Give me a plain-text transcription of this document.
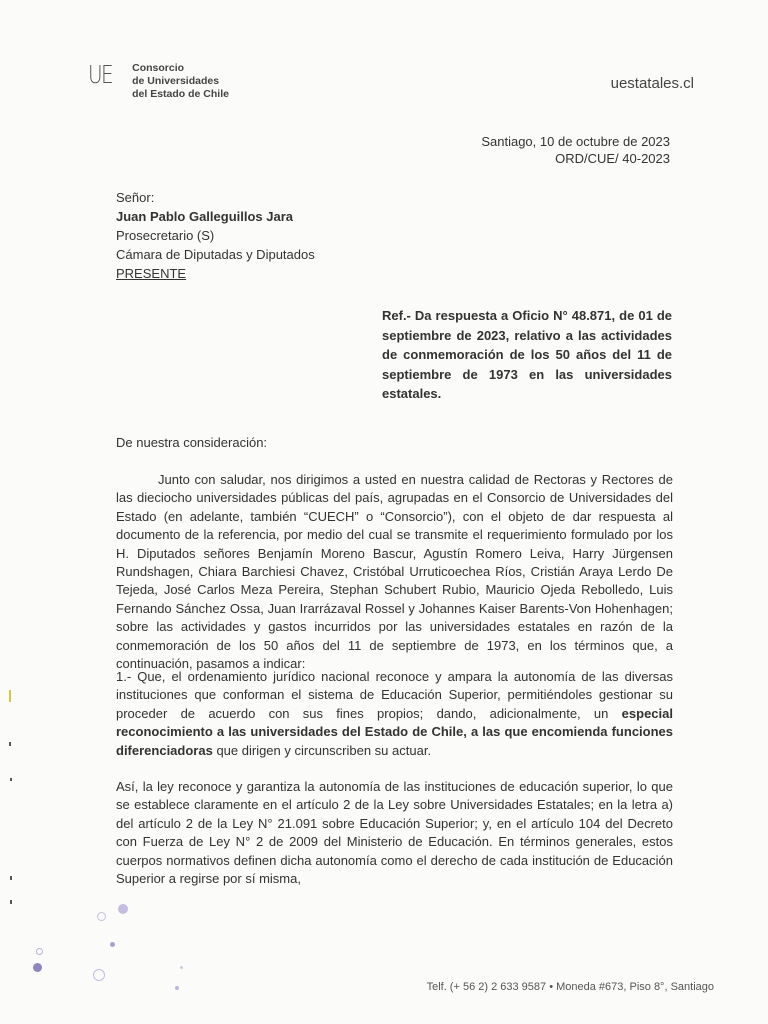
UE Consorcio
de Universidades
del Estado de Chile
uestatales.cl
Santiago, 10 de octubre de 2023
ORD/CUE/ 40-2023
Señor:
Juan Pablo Galleguillos Jara
Prosecretario (S)
Cámara de Diputadas y Diputados
PRESENTE
Ref.- Da respuesta a Oficio N° 48.871, de 01 de septiembre de 2023, relativo a las actividades de conmemoración de los 50 años del 11 de septiembre de 1973 en las universidades estatales.
De nuestra consideración:
Junto con saludar, nos dirigimos a usted en nuestra calidad de Rectoras y Rectores de las dieciocho universidades públicas del país, agrupadas en el Consorcio de Universidades del Estado (en adelante, también “CUECH” o “Consorcio”), con el objeto de dar respuesta al documento de la referencia, por medio del cual se transmite el requerimiento formulado por los H. Diputados señores Benjamín Moreno Bascur, Agustín Romero Leiva, Harry Jürgensen Rundshagen, Chiara Barchiesi Chavez, Cristóbal Urruticoechea Ríos, Cristián Araya Lerdo De Tejeda, José Carlos Meza Pereira, Stephan Schubert Rubio, Mauricio Ojeda Rebolledo, Luis Fernando Sánchez Ossa, Juan Irarrázaval Rossel y Johannes Kaiser Barents-Von Hohenhagen; sobre las actividades y gastos incurridos por las universidades estatales en razón de la conmemoración de los 50 años del 11 de septiembre de 1973, en los términos que, a continuación, pasamos a indicar:
1.- Que, el ordenamiento jurídico nacional reconoce y ampara la autonomía de las diversas instituciones que conforman el sistema de Educación Superior, permitiéndoles gestionar su proceder de acuerdo con sus fines propios; dando, adicionalmente, un especial reconocimiento a las universidades del Estado de Chile, a las que encomienda funciones diferenciadoras que dirigen y circunscriben su actuar.
Así, la ley reconoce y garantiza la autonomía de las instituciones de educación superior, lo que se establece claramente en el artículo 2 de la Ley sobre Universidades Estatales; en la letra a) del artículo 2 de la Ley N° 21.091 sobre Educación Superior; y, en el artículo 104 del Decreto con Fuerza de Ley N° 2 de 2009 del Ministerio de Educación. En términos generales, estos cuerpos normativos definen dicha autonomía como el derecho de cada institución de Educación Superior a regirse por sí misma,
Telf. (+ 56 2) 2 633 9587 • Moneda #673, Piso 8°, Santiago
